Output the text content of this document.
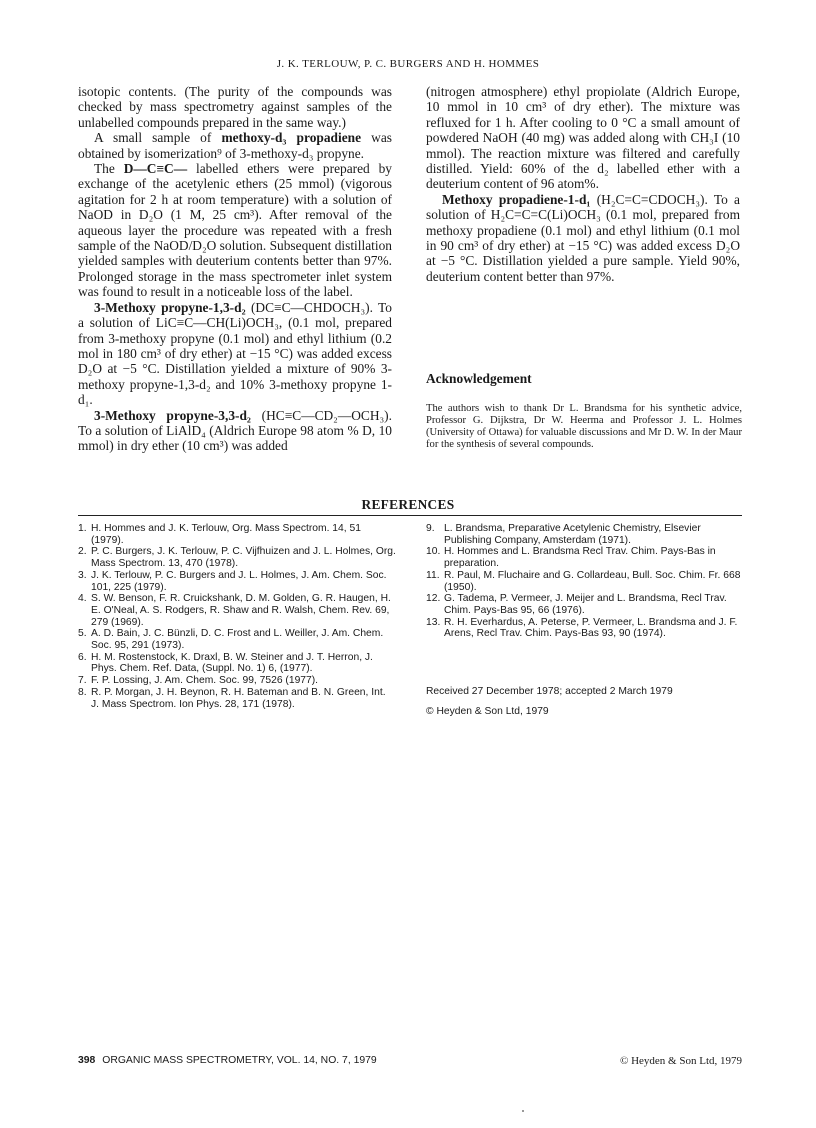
J. K. TERLOUW, P. C. BURGERS AND H. HOMMES

isotopic contents. (The purity of the compounds was checked by mass spectrometry against samples of the unlabelled compounds prepared in the same way.)

A small sample of methoxy-d₃ propadiene was obtained by isomerization⁹ of 3-methoxy-d₃ propyne.

The D—C≡C— labelled ethers were prepared by exchange of the acetylenic ethers (25 mmol) (vigorous agitation for 2 h at room temperature) with a solution of NaOD in D₂O (1 M, 25 cm³). After removal of the aqueous layer the procedure was repeated with a fresh sample of the NaOD/D₂O solution. Subsequent distillation yielded samples with deuterium contents better than 97%. Prolonged storage in the mass spectrometer inlet system was found to result in a noticeable loss of the label.

3-Methoxy propyne-1,3-d₂ (DC≡C—CHDOCH₃). To a solution of LiC≡C—CH(Li)OCH₃, (0.1 mol, prepared from 3-methoxy propyne (0.1 mol) and ethyl lithium (0.2 mol in 180 cm³ of dry ether) at −15 °C) was added excess D₂O at −5 °C. Distillation yielded a mixture of 90% 3-methoxy propyne-1,3-d₂ and 10% 3-methoxy propyne 1-d₁.

3-Methoxy propyne-3,3-d₂ (HC≡C—CD₂—OCH₃). To a solution of LiAlD₄ (Aldrich Europe 98 atom % D, 10 mmol) in dry ether (10 cm³) was added

(nitrogen atmosphere) ethyl propiolate (Aldrich Europe, 10 mmol in 10 cm³ of dry ether). The mixture was refluxed for 1 h. After cooling to 0 °C a small amount of powdered NaOH (40 mg) was added along with CH₃I (10 mmol). The reaction mixture was filtered and carefully distilled. Yield: 60% of the d₂ labelled ether with a deuterium content of 96 atom%.

Methoxy propadiene-1-d₁ (H₂C=C=CDOCH₃). To a solution of H₂C=C=C(Li)OCH₃ (0.1 mol, prepared from methoxy propadiene (0.1 mol) and ethyl lithium (0.1 mol in 90 cm³ of dry ether) at −15 °C) was added excess D₂O at −5 °C. Distillation yielded a pure sample. Yield 90%, deuterium content better than 97%.

Acknowledgement
The authors wish to thank Dr L. Brandsma for his synthetic advice, Professor G. Dijkstra, Dr W. Heerma and Professor J. L. Holmes (University of Ottawa) for valuable discussions and Mr D. W. In der Maur for the synthesis of several compounds.
REFERENCES
1. H. Hommes and J. K. Terlouw, Org. Mass Spectrom. 14, 51 (1979).
2. P. C. Burgers, J. K. Terlouw, P. C. Vijfhuizen and J. L. Holmes, Org. Mass Spectrom. 13, 470 (1978).
3. J. K. Terlouw, P. C. Burgers and J. L. Holmes, J. Am. Chem. Soc. 101, 225 (1979).
4. S. W. Benson, F. R. Cruickshank, D. M. Golden, G. R. Haugen, H. E. O'Neal, A. S. Rodgers, R. Shaw and R. Walsh, Chem. Rev. 69, 279 (1969).
5. A. D. Bain, J. C. Bünzli, D. C. Frost and L. Weiller, J. Am. Chem. Soc. 95, 291 (1973).
6. H. M. Rostenstock, K. Draxl, B. W. Steiner and J. T. Herron, J. Phys. Chem. Ref. Data, (Suppl. No. 1) 6, (1977).
7. F. P. Lossing, J. Am. Chem. Soc. 99, 7526 (1977).
8. R. P. Morgan, J. H. Beynon, R. H. Bateman and B. N. Green, Int. J. Mass Spectrom. Ion Phys. 28, 171 (1978).
9. L. Brandsma, Preparative Acetylenic Chemistry, Elsevier Publishing Company, Amsterdam (1971).
10. H. Hommes and L. Brandsma Recl Trav. Chim. Pays-Bas in preparation.
11. R. Paul, M. Fluchaire and G. Collardeau, Bull. Soc. Chim. Fr. 668 (1950).
12. G. Tadema, P. Vermeer, J. Meijer and L. Brandsma, Recl Trav. Chim. Pays-Bas 95, 66 (1976).
13. R. H. Everhardus, A. Peterse, P. Vermeer, L. Brandsma and J. F. Arens, Recl Trav. Chim. Pays-Bas 93, 90 (1974).
Received 27 December 1978; accepted 2 March 1979
© Heyden & Son Ltd, 1979
398 ORGANIC MASS SPECTROMETRY, VOL. 14, NO. 7, 1979	© Heyden & Son Ltd, 1979
